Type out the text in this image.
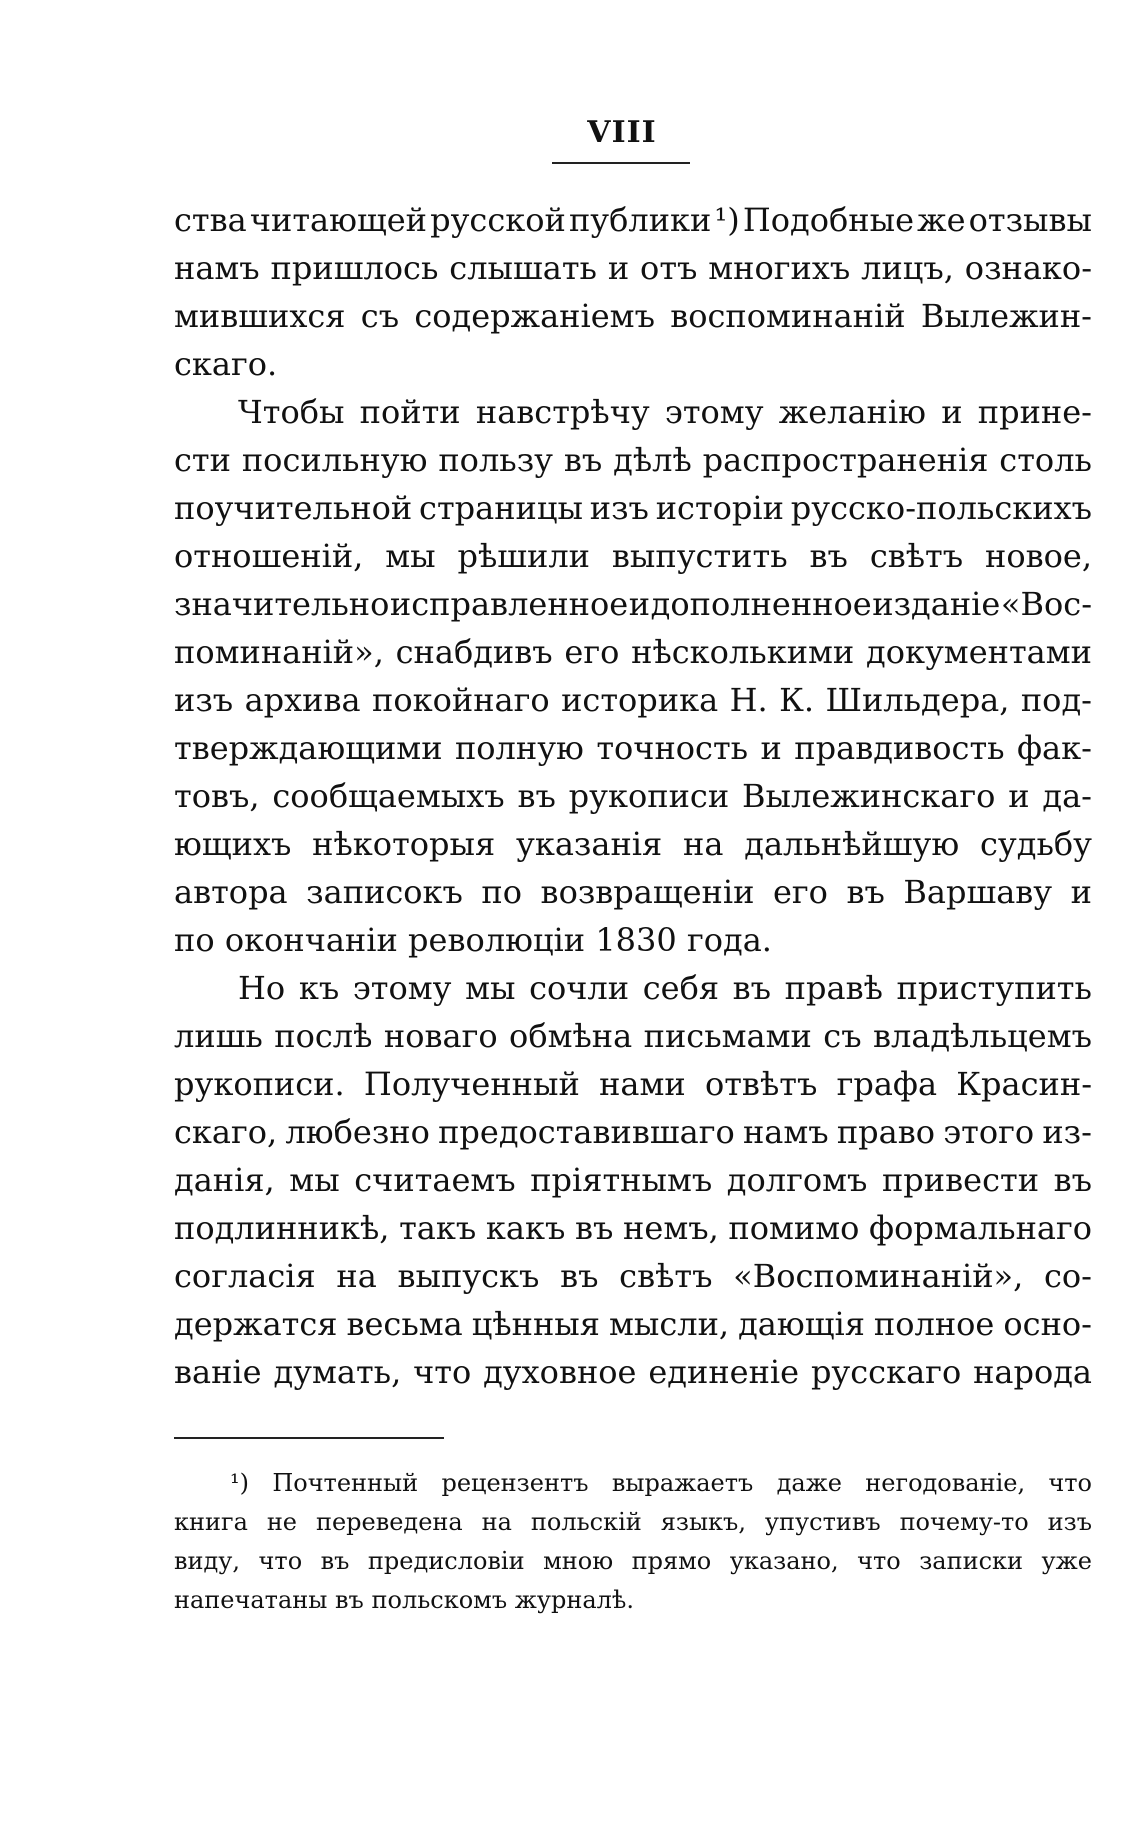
VIII
ства читающей русской публики ¹) Подобные же отзывы
намъ пришлось слышать и отъ многихъ лицъ, ознако-
мившихся съ содержаніемъ воспоминаній Вылежин-
скаго.
Чтобы пойти навстрѣчу этому желанію и прине-
сти посильную пользу въ дѣлѣ распространенія столь
поучительной страницы изъ исторіи русско-польскихъ
отношеній, мы рѣшили выпустить въ свѣтъ новое,
значительно исправленное и дополненное изданіе «Вос-
поминаній», снабдивъ его нѣсколькими документами
изъ архива покойнаго историка Н. К. Шильдера, под-
тверждающими полную точность и правдивость фак-
товъ, сообщаемыхъ въ рукописи Вылежинскаго и да-
ющихъ нѣкоторыя указанія на дальнѣйшую судьбу
автора записокъ по возвращеніи его въ Варшаву и
по окончаніи революціи 1830 года.
Но къ этому мы сочли себя въ правѣ приступить
лишь послѣ новаго обмѣна письмами съ владѣльцемъ
рукописи. Полученный нами отвѣтъ графа Красин-
скаго, любезно предоставившаго намъ право этого из-
данія, мы считаемъ пріятнымъ долгомъ привести въ
подлинникѣ, такъ какъ въ немъ, помимо формальнаго
согласія на выпускъ въ свѣтъ «Воспоминаній», со-
держатся весьма цѣнныя мысли, дающія полное осно-
ваніе думать, что духовное единеніе русскаго народа
¹) Почтенный рецензентъ выражаетъ даже негодованіе, что
книга не переведена на польскій языкъ, упустивъ почему-то изъ
виду, что въ предисловіи мною прямо указано, что записки уже
напечатаны въ польскомъ журналѣ.
